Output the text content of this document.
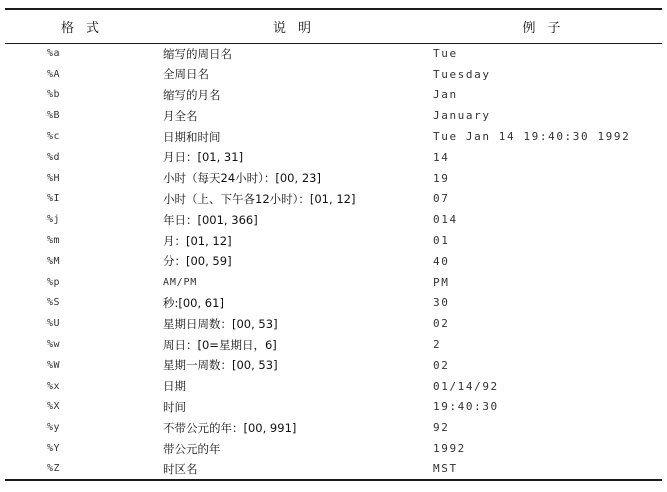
格式	说明	例子
%a	缩写的周日名	Tue
%A	全周日名	Tuesday
%b	缩写的月名	Jan
%B	月全名	January
%c	日期和时间	Tue Jan 14 19:40:30 1992
%d	月日：[01, 31]	14
%H	小时（每天24小时）：[00, 23]	19
%I	小时（上、下午各12小时）：[01, 12]	07
%j	年日：[001, 366]	014
%m	月：[01, 12]	01
%M	分：[00, 59]	40
%p	AM/PM	PM
%S	秒:[00, 61]	30
%U	星期日周数：[00, 53]	02
%w	周日：[0=星期日，6]	2
%W	星期一周数：[00, 53]	02
%x	日期	01/14/92
%X	时间	19:40:30
%y	不带公元的年：[00, 991]	92
%Y	带公元的年	1992
%Z	时区名	MST
